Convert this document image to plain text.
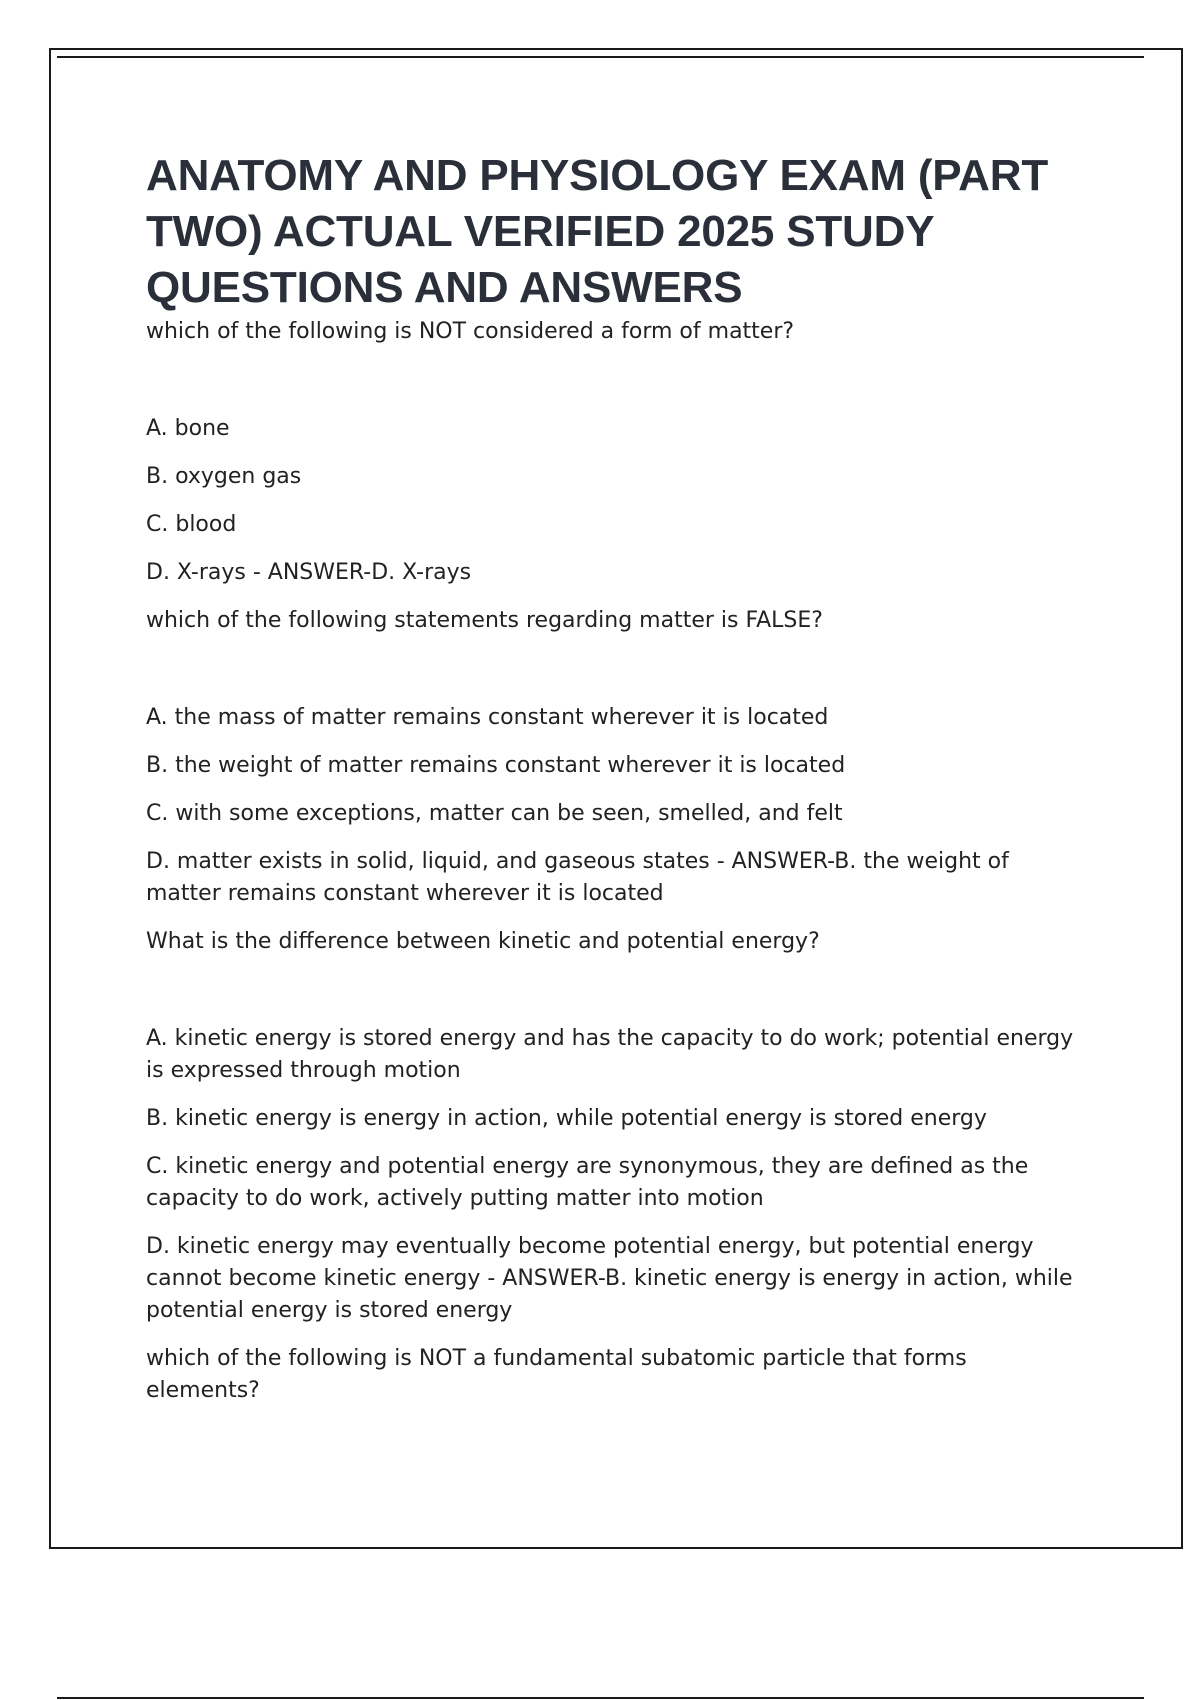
ANATOMY AND PHYSIOLOGY EXAM (PART TWO) ACTUAL VERIFIED 2025 STUDY QUESTIONS AND ANSWERS

which of the following is NOT considered a form of matter?

A. bone

B. oxygen gas

C. blood

D. X-rays - ANSWER-D. X-rays

which of the following statements regarding matter is FALSE?

A. the mass of matter remains constant wherever it is located

B. the weight of matter remains constant wherever it is located

C. with some exceptions, matter can be seen, smelled, and felt

D. matter exists in solid, liquid, and gaseous states - ANSWER-B. the weight of matter remains constant wherever it is located

What is the difference between kinetic and potential energy?

A. kinetic energy is stored energy and has the capacity to do work; potential energy is expressed through motion

B. kinetic energy is energy in action, while potential energy is stored energy

C. kinetic energy and potential energy are synonymous, they are defined as the capacity to do work, actively putting matter into motion

D. kinetic energy may eventually become potential energy, but potential energy cannot become kinetic energy - ANSWER-B. kinetic energy is energy in action, while potential energy is stored energy

which of the following is NOT a fundamental subatomic particle that forms elements?
